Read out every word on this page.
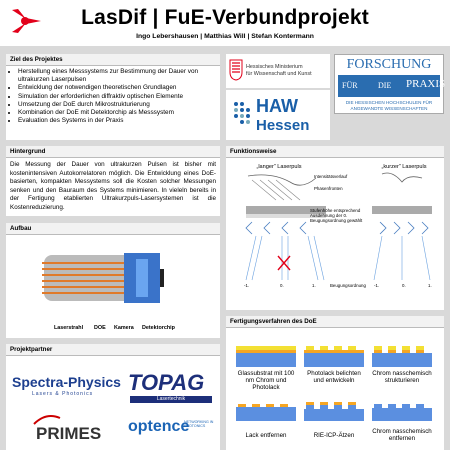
LasDif | FuE-Verbundprojekt
Ingo Lebershausen | Matthias Will | Stefan Kontermann
Ziel des Projektes
• Herstellung eines Messsystems zur Bestimmung der Dauer von ultrakurzen Laserpulsen
• Entwicklung der notwendigen theoretischen Grundlagen
• Simulation der erforderlichen diffraktiv optischen Elemente
• Umsetzung der DoE durch Mikrostrukturierung
• Kombination der DoE mit Detektorchip als Messsystem
• Evaluation des Systems in der Praxis
Hessisches Ministerium
für Wissenschaft und Kunst
HAW
Hessen
FORSCHUNG
FÜR	DIE PRAXIS
DIE HESSISCHEN HOCHSCHULEN FÜR
ANGEWANDTE WISSENSCHAFTEN
Hintergrund
Die Messung der Dauer von ultrakurzen Pulsen ist bisher mit kostenintensiven Autokorrelatoren möglich. Die Entwicklung eines DoE-basierten, kompakten Messystems soll die Kosten solcher Messungen senken und den Bauraum des Systems minimieren. In vieleln bereits in der Fertigung etablierten Ultrakurzpuls-Lasersystemen ist die Kostenreduzierung.
Aufbau
Laserstrahl DOE Kamera Detektorchip
Projektpartner
Spectra-Physics
Lasers & Photonics TOPAG
Lasertechnik
PRIMES optence
NETWORKING IN PHOTONICS
Funktionsweise
„langer“ Laserpuls	„kurzer“ Laserpuls
Intensitätsverlauf
Phasenfronten
Stufenhöhe entsprechend Ausdehnung der 0. Beugungsordnung gewählt
-1.	0.	1.	Beugungsordnung -1.	0.	1.
Fertigungsverfahren des DoE
Glassubstrat mit 100 nm Chrom und Photolack
Photolack belichten und entwickeln
Chrom nasschemisch strukturieren
Lack entfernen	RIE-ICP-Ätzen
Chrom nasschemisch entfernen
